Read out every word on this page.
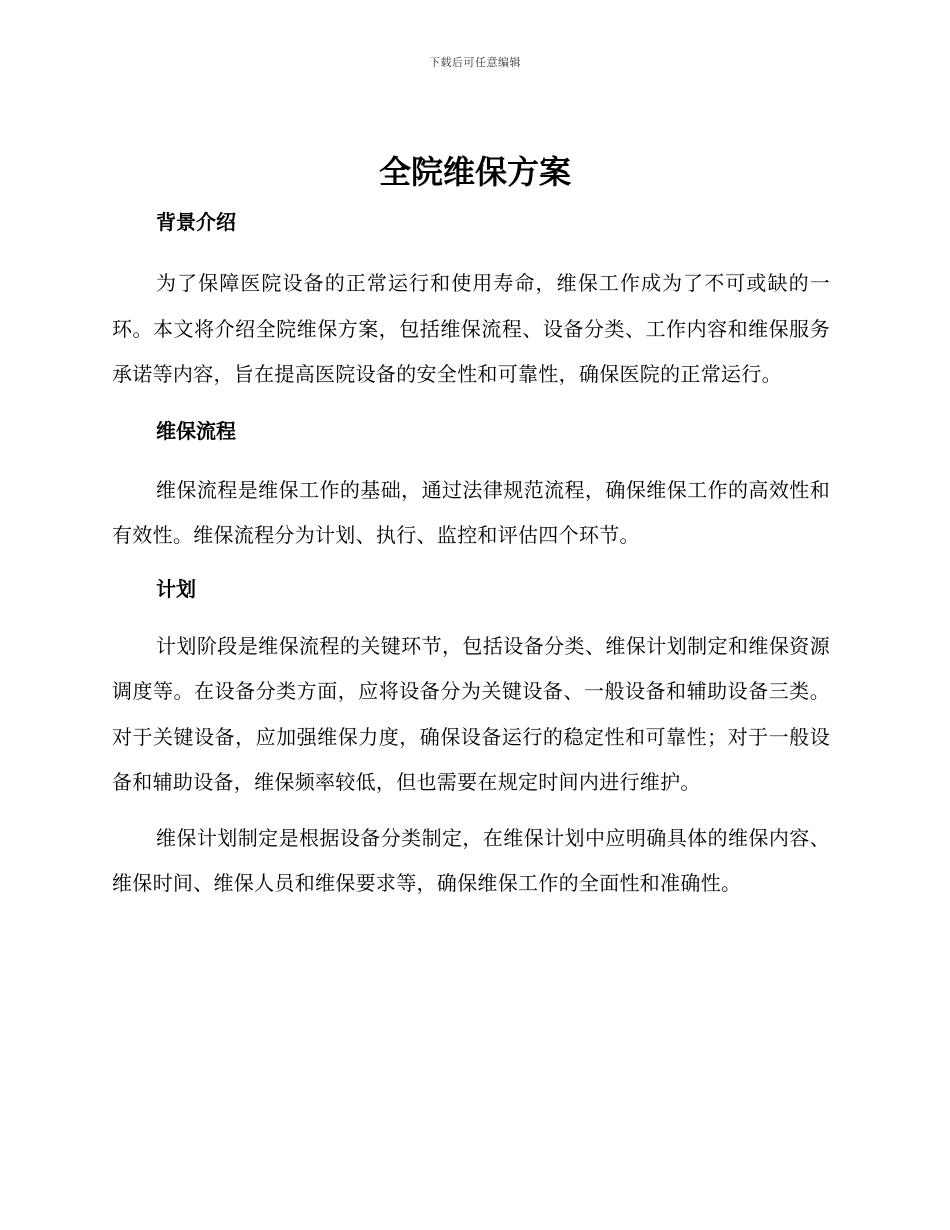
下载后可任意编辑
全院维保方案
背景介绍

为了保障医院设备的正常运行和使用寿命，维保工作成为了不可或缺的一环。本文将介绍全院维保方案，包括维保流程、设备分类、工作内容和维保服务承诺等内容，旨在提高医院设备的安全性和可靠性，确保医院的正常运行。

维保流程

维保流程是维保工作的基础，通过法律规范流程，确保维保工作的高效性和有效性。维保流程分为计划、执行、监控和评估四个环节。

计划

计划阶段是维保流程的关键环节，包括设备分类、维保计划制定和维保资源调度等。在设备分类方面，应将设备分为关键设备、一般设备和辅助设备三类。对于关键设备，应加强维保力度，确保设备运行的稳定性和可靠性；对于一般设备和辅助设备，维保频率较低，但也需要在规定时间内进行维护。

维保计划制定是根据设备分类制定，在维保计划中应明确具体的维保内容、维保时间、维保人员和维保要求等，确保维保工作的全面性和准确性。
